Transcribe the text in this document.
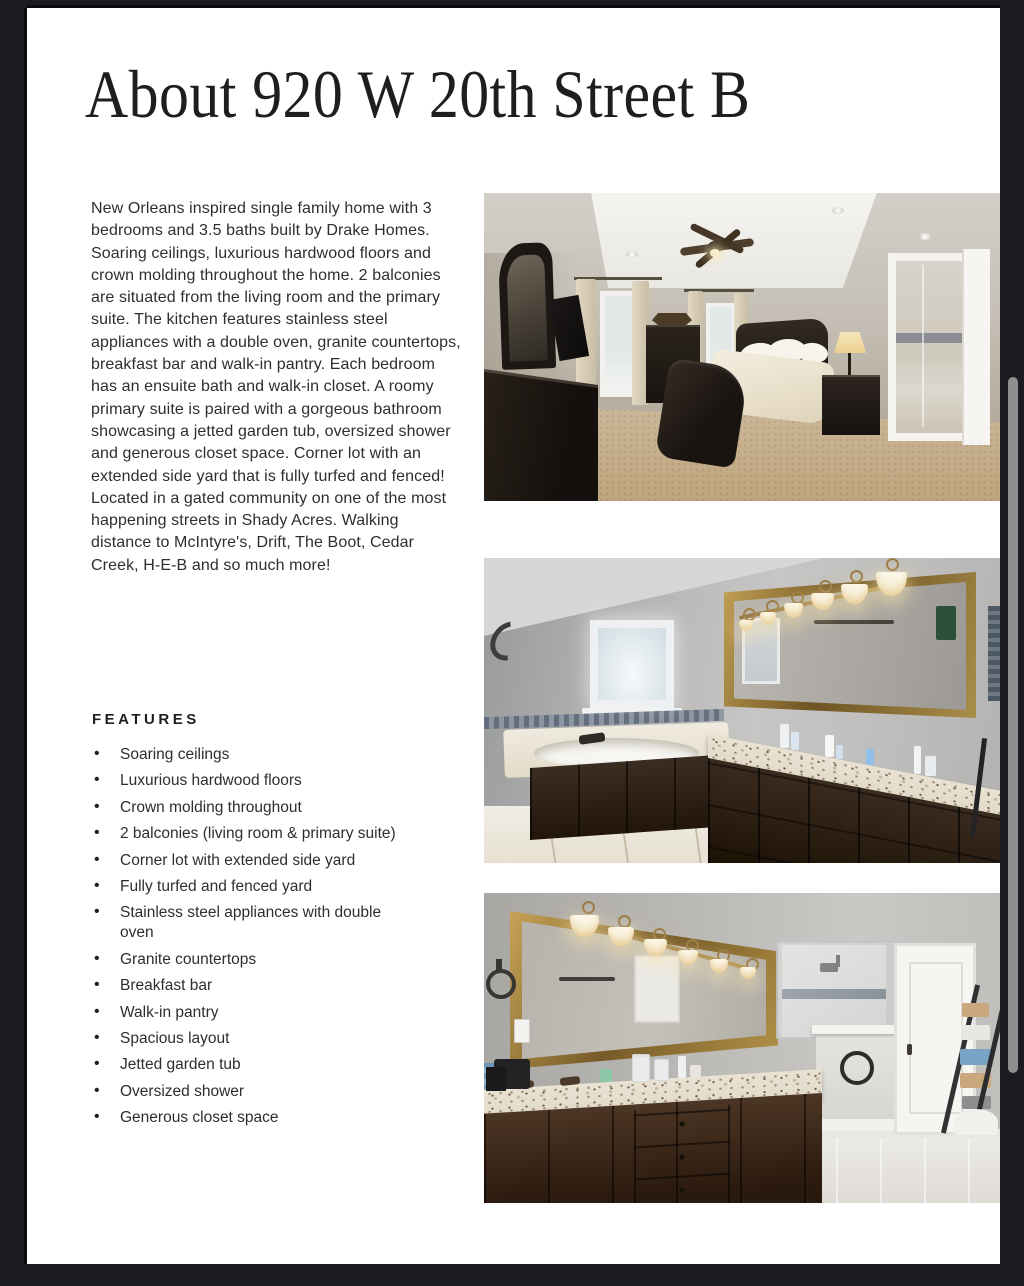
About 920 W 20th Street B

New Orleans inspired single family home with 3 bedrooms and 3.5 baths built by Drake Homes. Soaring ceilings, luxurious hardwood floors and crown molding throughout the home. 2 balconies are situated from the living room and the primary suite. The kitchen features stainless steel appliances with a double oven, granite countertops, breakfast bar and walk-in pantry. Each bedroom has an ensuite bath and walk-in closet. A roomy primary suite is paired with a gorgeous bathroom showcasing a jetted garden tub, oversized shower and generous closet space. Corner lot with an extended side yard that is fully turfed and fenced! Located in a gated community on one of the most happening streets in Shady Acres. Walking distance to McIntyre's, Drift, The Boot, Cedar Creek, H-E-B and so much more!

FEATURES
• Soaring ceilings
• Luxurious hardwood floors
• Crown molding throughout
• 2 balconies (living room & primary suite)
• Corner lot with extended side yard
• Fully turfed and fenced yard
• Stainless steel appliances with double oven
• Granite countertops
• Breakfast bar
• Walk-in pantry
• Spacious layout
• Jetted garden tub
• Oversized shower
• Generous closet space
